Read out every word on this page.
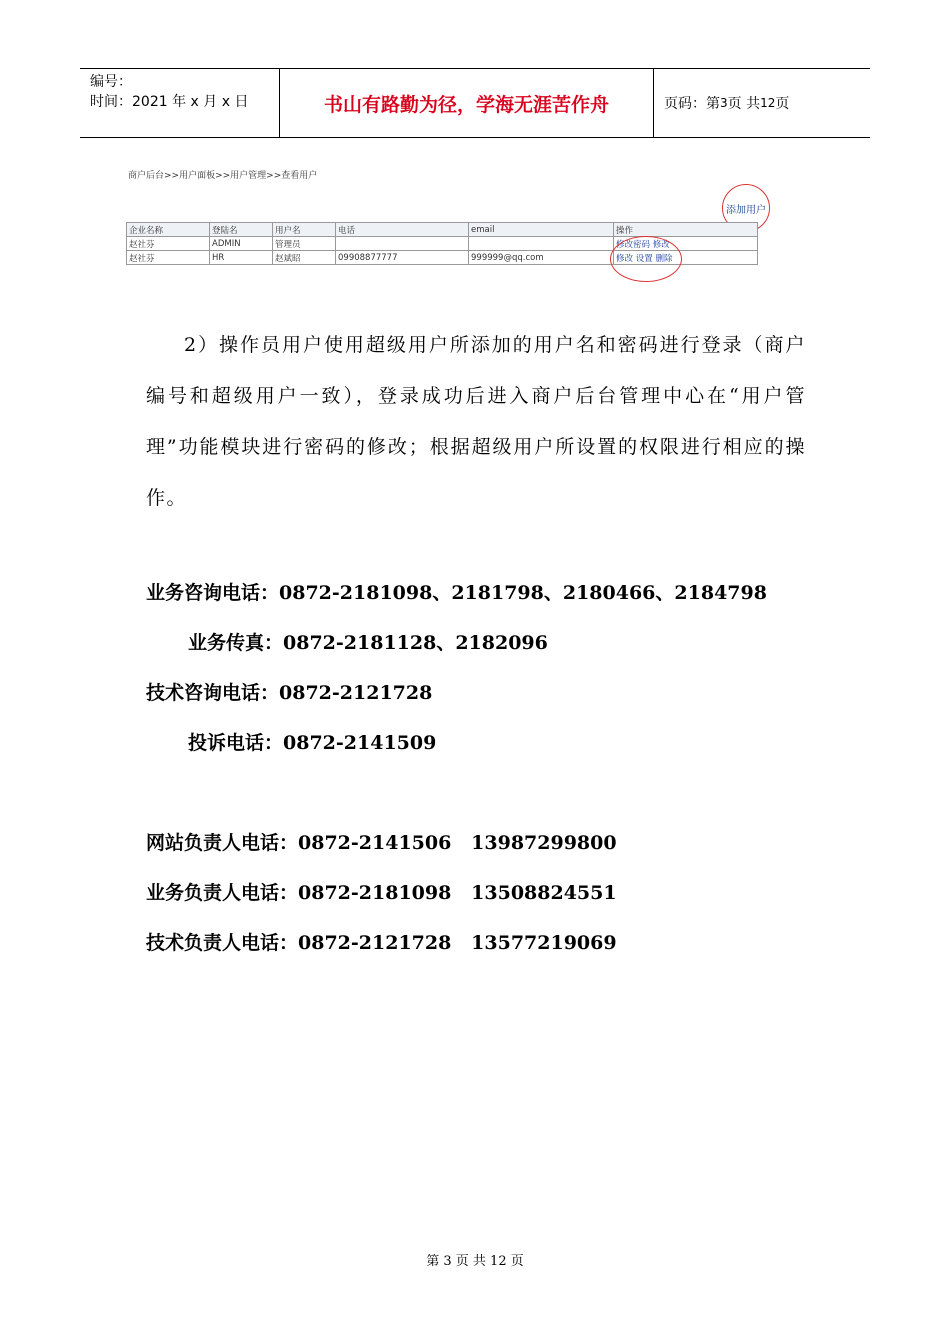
编号：
时间：2021 年 x 月 x 日	书山有路勤为径，学海无涯苦作舟	页码：第 3 页 共 12 页
商户后台>>用户面板>>用户管理>>查看用户
添加用户
企业名称	登陆名	用户名	电话	email	操作
赵社芬	ADMIN	管理员			修改密码 修改
赵社芬	HR	赵斌昭	09908877777	999999@qq.com	修改 设置 删除

2）操作员用户使用超级用户所添加的用户名和密码进行登录（商户编号和超级用户一致），登录成功后进入商户后台管理中心在“用户管理”功能模块进行密码的修改；根据超级用户所设置的权限进行相应的操作。

业务咨询电话：0872-2181098、2181798、2180466、2184798
业务传真：0872-2181128、2182096
技术咨询电话：0872-2121728
投诉电话：0872-2141509
网站负责人电话：0872-2141506   13987299800
业务负责人电话：0872-2181098   13508824551
技术负责人电话：0872-2121728   13577219069
第 3 页 共 12 页
